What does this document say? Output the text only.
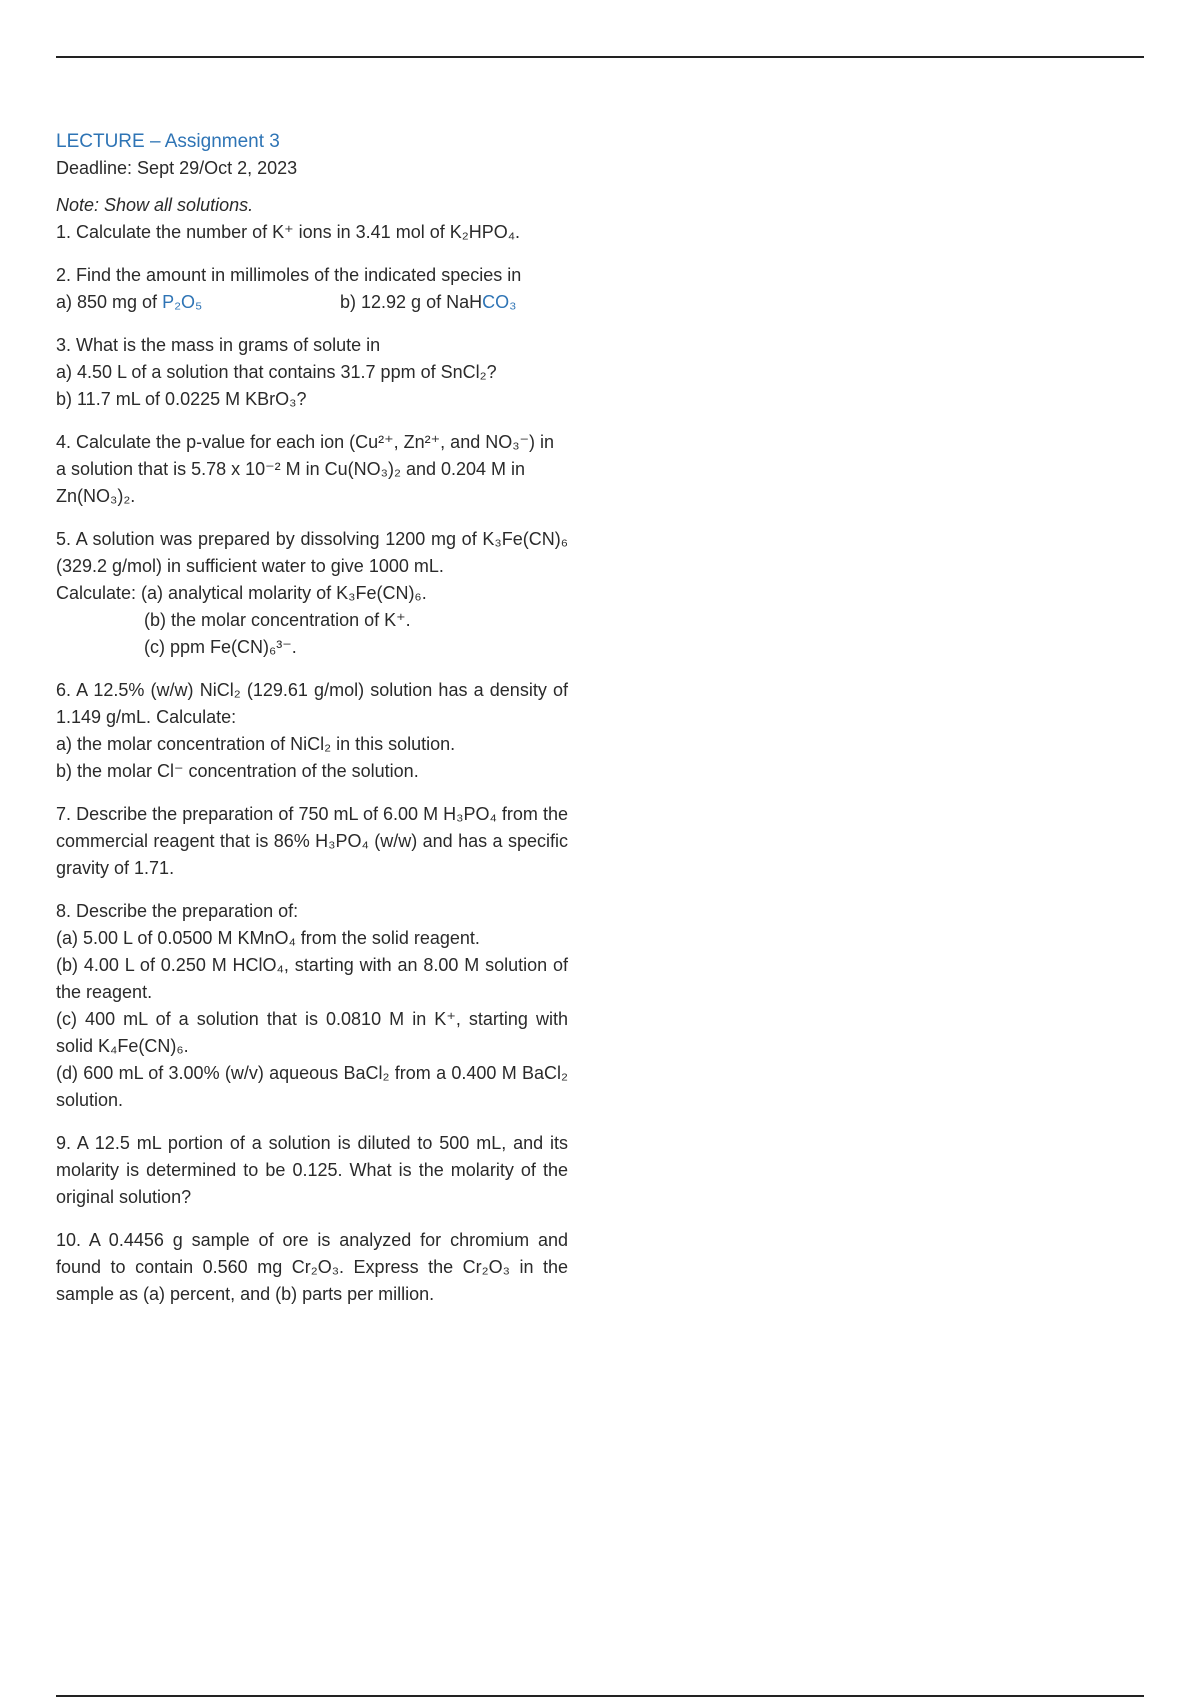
LECTURE – Assignment 3

Deadline: Sept 29/Oct 2, 2023

Note: Show all solutions.

1. Calculate the number of K⁺ ions in 3.41 mol of K₂HPO₄.

2. Find the amount in millimoles of the indicated species in

a) 850 mg of P₂O₅	b) 12.92 g of NaHCO₃

3. What is the mass in grams of solute in

a) 4.50 L of a solution that contains 31.7 ppm of SnCl₂?

b) 11.7 mL of 0.0225 M KBrO₃?

4. Calculate the p-value for each ion (Cu²⁺, Zn²⁺, and NO₃⁻) in a solution that is 5.78 x 10⁻² M in Cu(NO₃)₂ and 0.204 M in Zn(NO₃)₂.

5. A solution was prepared by dissolving 1200 mg of K₃Fe(CN)₆ (329.2 g/mol) in sufficient water to give 1000 mL.

Calculate: (a) analytical molarity of K₃Fe(CN)₆.

(b) the molar concentration of K⁺.

(c) ppm Fe(CN)₆³⁻.

6. A 12.5% (w/w) NiCl₂ (129.61 g/mol) solution has a density of 1.149 g/mL. Calculate:

a) the molar concentration of NiCl₂ in this solution.

b) the molar Cl⁻ concentration of the solution.

7. Describe the preparation of 750 mL of 6.00 M H₃PO₄ from the commercial reagent that is 86% H₃PO₄ (w/w) and has a specific gravity of 1.71.

8. Describe the preparation of:

(a) 5.00 L of 0.0500 M KMnO₄ from the solid reagent.

(b) 4.00 L of 0.250 M HClO₄, starting with an 8.00 M solution of the reagent.

(c) 400 mL of a solution that is 0.0810 M in K⁺, starting with solid K₄Fe(CN)₆.

(d) 600 mL of 3.00% (w/v) aqueous BaCl₂ from a 0.400 M BaCl₂ solution.

9. A 12.5 mL portion of a solution is diluted to 500 mL, and its molarity is determined to be 0.125. What is the molarity of the original solution?

10. A 0.4456 g sample of ore is analyzed for chromium and found to contain 0.560 mg Cr₂O₃. Express the Cr₂O₃ in the sample as (a) percent, and (b) parts per million.
